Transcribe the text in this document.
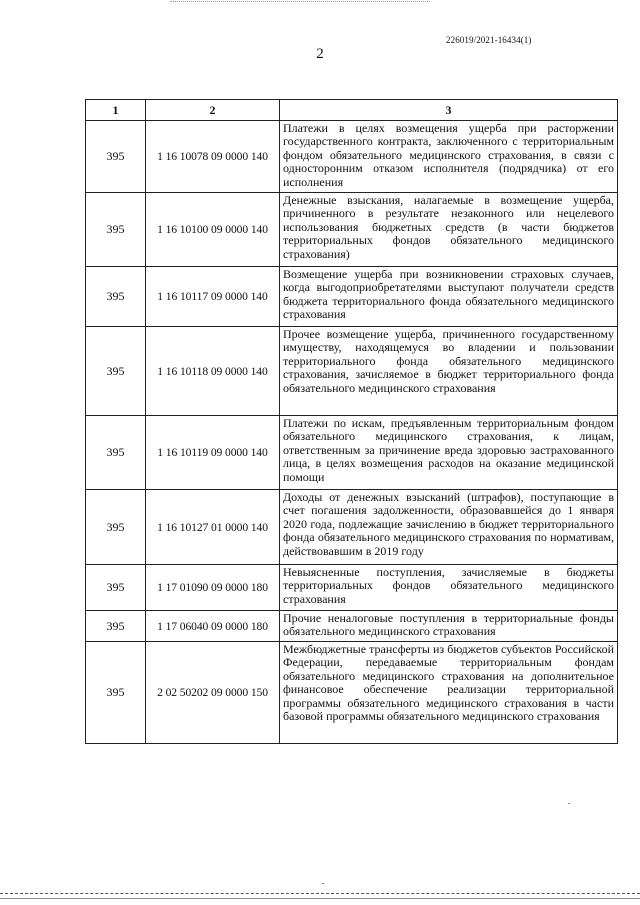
226019/2021-16434(1)
2
1	2	3
395	1 16 10078 09 0000 140	Платежи в целях возмещения ущерба при расторжении государственного контракта, заключенного с территориальным фондом обязательного медицинского страхования, в связи с односторонним отказом исполнителя (подрядчика) от его исполнения
395	1 16 10100 09 0000 140	Денежные взыскания, налагаемые в возмещение ущерба, причиненного в результате незаконного или нецелевого использования бюджетных средств (в части бюджетов территориальных фондов обязательного медицинского страхования)
395	1 16 10117 09 0000 140	Возмещение ущерба при возникновении страховых случаев, когда выгодоприобретателями выступают получатели средств бюджета территориального фонда обязательного медицинского страхования
395	1 16 10118 09 0000 140	Прочее возмещение ущерба, причиненного государственному имуществу, находящемуся во владении и пользовании территориального фонда обязательного медицинского страхования, зачисляемое в бюджет территориального фонда обязательного медицинского страхования
395	1 16 10119 09 0000 140	Платежи по искам, предъявленным территориальным фондом обязательного медицинского страхования, к лицам, ответственным за причинение вреда здоровью застрахованного лица, в целях возмещения расходов на оказание медицинской помощи
395	1 16 10127 01 0000 140	Доходы от денежных взысканий (штрафов), поступающие в счет погашения задолженности, образовавшейся до 1 января 2020 года, подлежащие зачислению в бюджет территориального фонда обязательного медицинского страхования по нормативам, действовавшим в 2019 году
395	1 17 01090 09 0000 180	Невыясненные поступления, зачисляемые в бюджеты территориальных фондов обязательного медицинского страхования
395	1 17 06040 09 0000 180	Прочие неналоговые поступления в территориальные фонды обязательного медицинского страхования
395	2 02 50202 09 0000 150	Межбюджетные трансферты из бюджетов субъектов Российской Федерации, передаваемые территориальным фондам обязательного медицинского страхования на дополнительное финансовое обеспечение реализации территориальной программы обязательного медицинского страхования в части базовой программы обязательного медицинского страхования
